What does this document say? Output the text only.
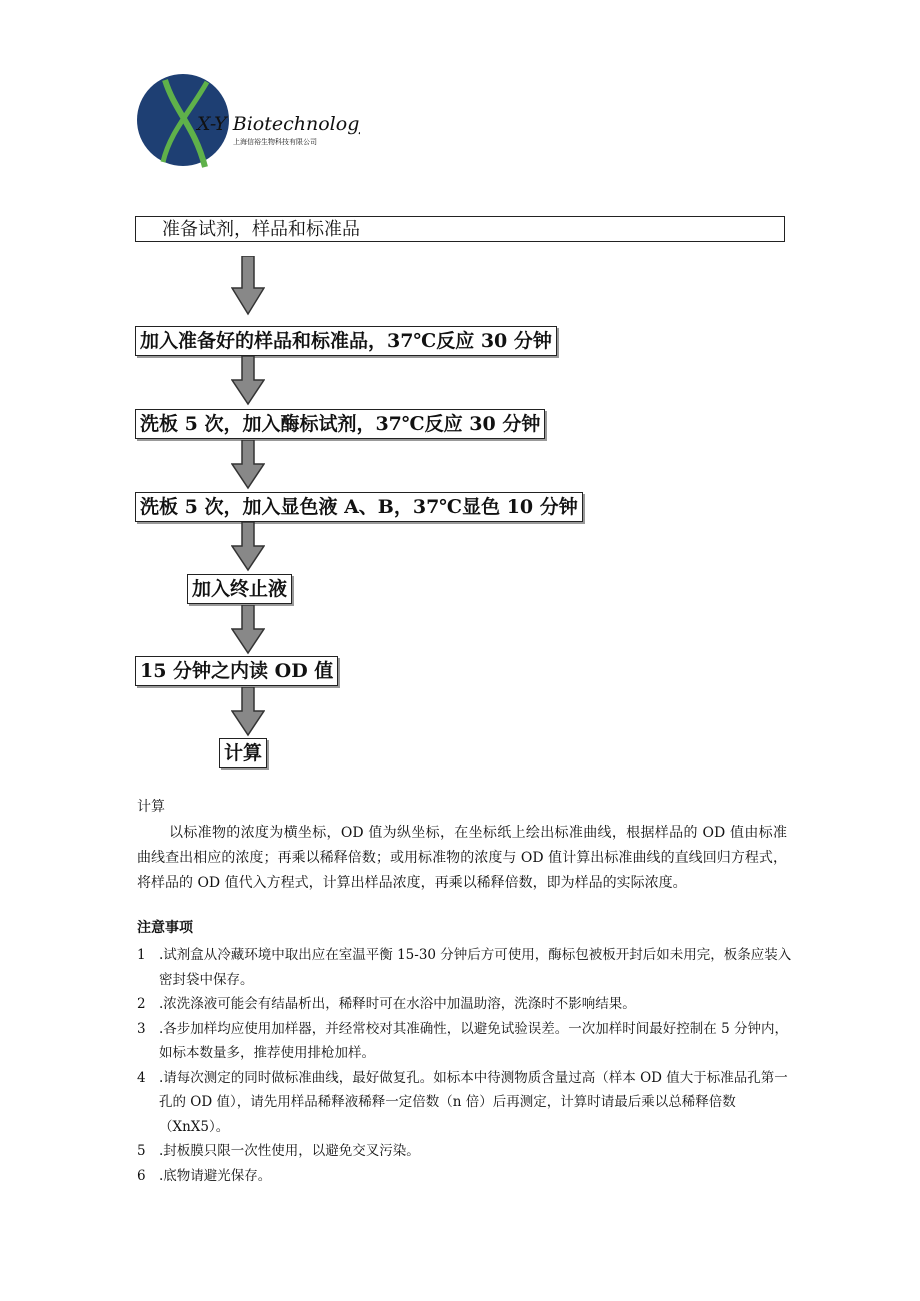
X-Y Biotechnology
上海信裕生物科技有限公司
准备试剂，样品和标准品
加入准备好的样品和标准品，37℃反应 30 分钟
洗板 5 次，加入酶标试剂，37℃反应 30 分钟
洗板 5 次，加入显色液 A、B，37℃显色 10 分钟
加入终止液
15 分钟之内读 OD 值
计算
计算
以标准物的浓度为横坐标，OD 值为纵坐标，在坐标纸上绘出标准曲线，根据样品的 OD 值由标准曲线查出相应的浓度；再乘以稀释倍数；或用标准物的浓度与 OD 值计算出标准曲线的直线回归方程式，将样品的 OD 值代入方程式，计算出样品浓度，再乘以稀释倍数，即为样品的实际浓度。
注意事项
1 .试剂盒从冷藏环境中取出应在室温平衡 15-30 分钟后方可使用，酶标包被板开封后如未用完，板条应装入密封袋中保存。
2 .浓洗涤液可能会有结晶析出，稀释时可在水浴中加温助溶，洗涤时不影响结果。
3 .各步加样均应使用加样器，并经常校对其准确性，以避免试验误差。一次加样时间最好控制在 5 分钟内，如标本数量多，推荐使用排枪加样。
4 .请每次测定的同时做标准曲线，最好做复孔。如标本中待测物质含量过高（样本 OD 值大于标准品孔第一孔的 OD 值），请先用样品稀释液稀释一定倍数（n 倍）后再测定，计算时请最后乘以总稀释倍数（XnX5）。
5 .封板膜只限一次性使用，以避免交叉污染。
6 .底物请避光保存。
